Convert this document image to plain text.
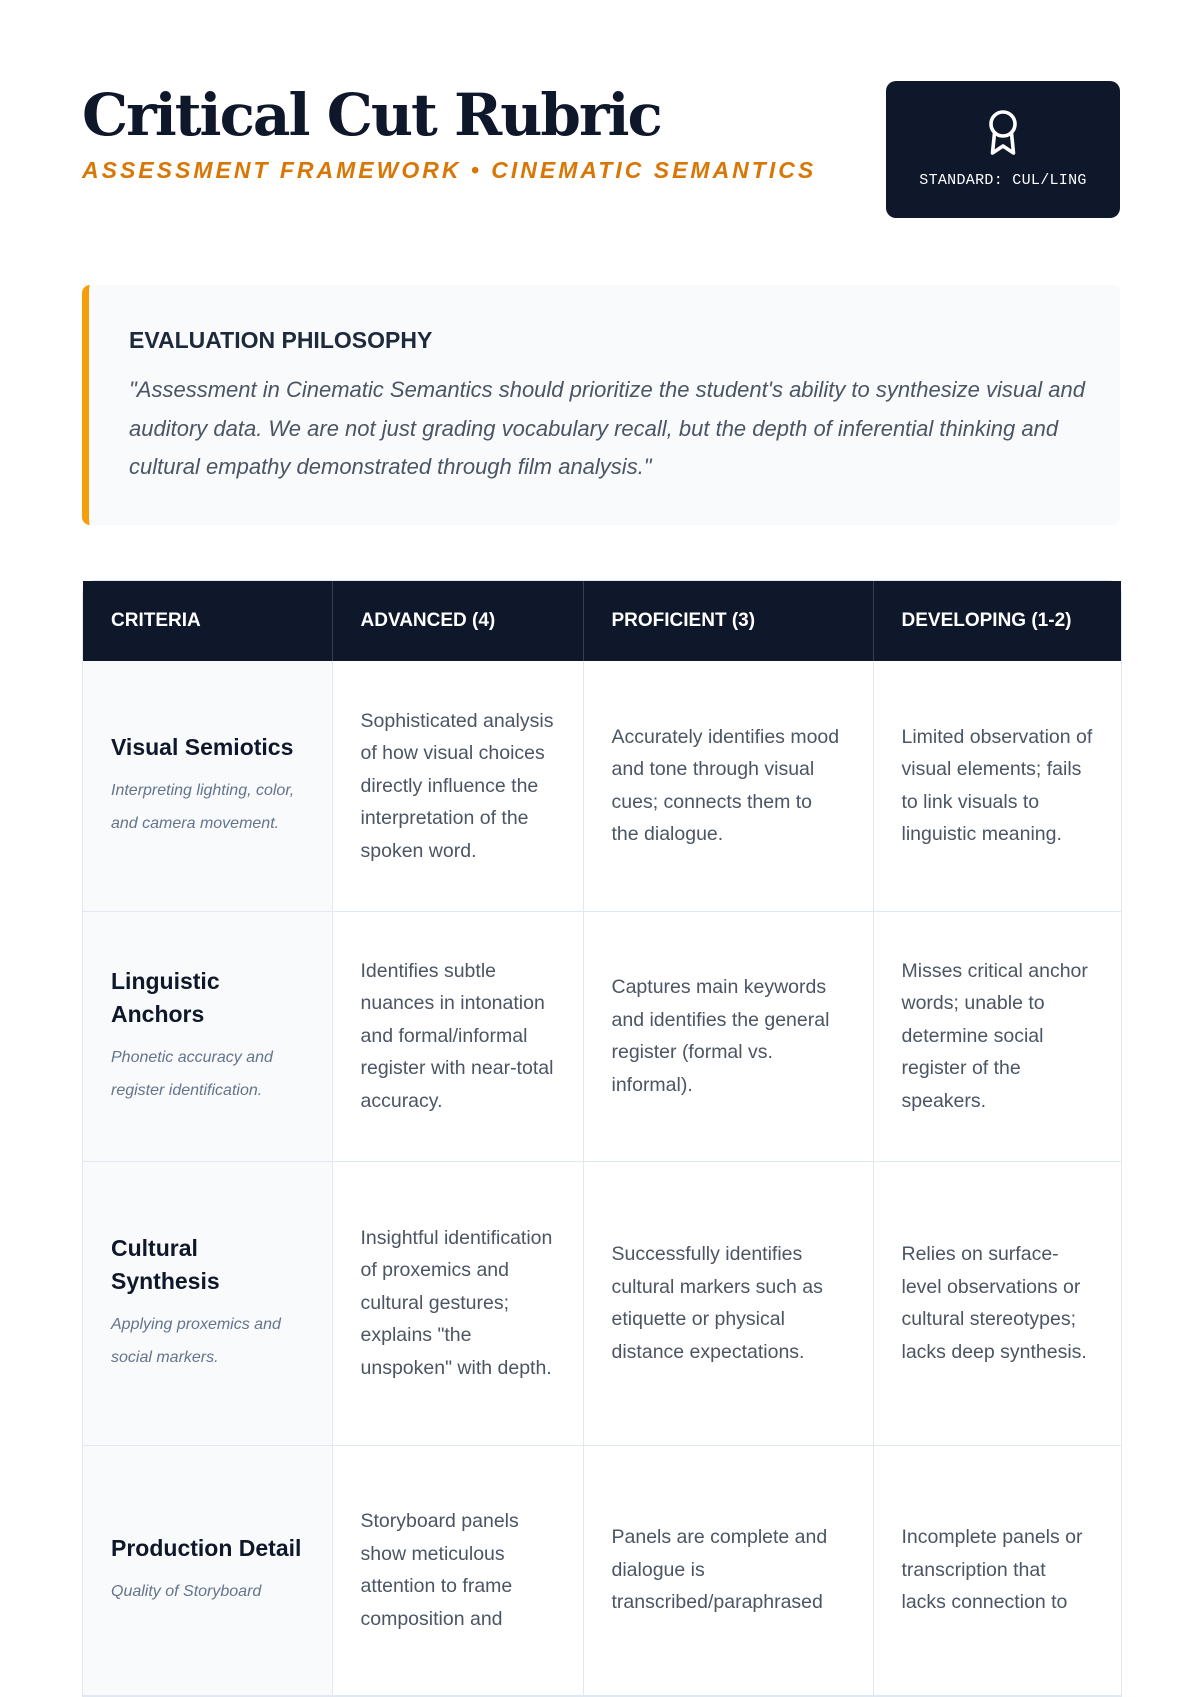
Critical Cut Rubric
ASSESSMENT FRAMEWORK • CINEMATIC SEMANTICS	STANDARD: CUL/LING
EVALUATION PHILOSOPHY

"Assessment in Cinematic Semantics should prioritize the student's ability to synthesize visual and auditory data. We are not just grading vocabulary recall, but the depth of inferential thinking and cultural empathy demonstrated through film analysis."

CRITERIA	ADVANCED (4)	PROFICIENT (3)	DEVELOPING (1-2)

Visual Semiotics
Interpreting lighting, color, and camera movement.	Sophisticated analysis of how visual choices directly influence the interpretation of the spoken word.	Accurately identifies mood and tone through visual cues; connects them to the dialogue.	Limited observation of visual elements; fails to link visuals to linguistic meaning.

Linguistic Anchors
Phonetic accuracy and register identification.	Identifies subtle nuances in intonation and formal/informal register with near-total accuracy.	Captures main keywords and identifies the general register (formal vs. informal).	Misses critical anchor words; unable to determine social register of the speakers.

Cultural Synthesis
Applying proxemics and social markers.	Insightful identification of proxemics and cultural gestures; explains "the unspoken" with depth.	Successfully identifies cultural markers such as etiquette or physical distance expectations.	Relies on surface-level observations or cultural stereotypes; lacks deep synthesis.

Production Detail
Quality of Storyboard	Storyboard panels show meticulous attention to frame composition and	Panels are complete and dialogue is transcribed/paraphrased	Incomplete panels or transcription that lacks connection to
